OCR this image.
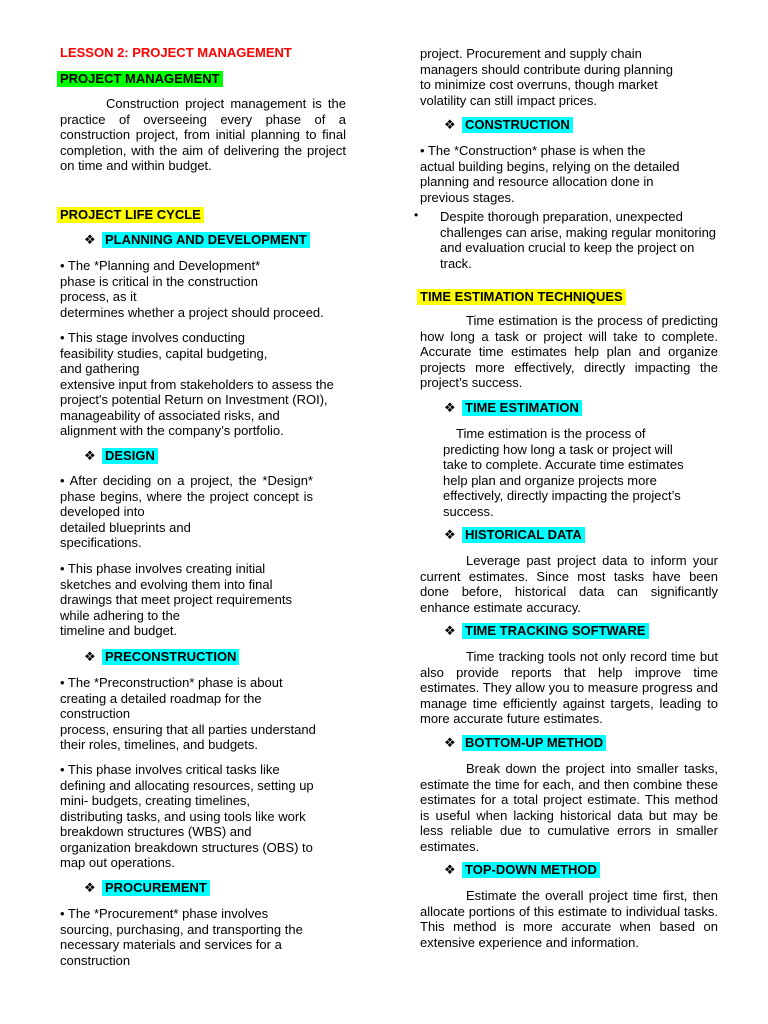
LESSON 2: PROJECT MANAGEMENT
PROJECT MANAGEMENT

Construction project management is the practice of overseeing every phase of a construction project, from initial planning to final completion, with the aim of delivering the project on time and within budget.

PROJECT LIFE CYCLE
❖ PLANNING AND DEVELOPMENT
• The *Planning and Development*
phase is critical in the construction
process, as it
determines whether a project should proceed.
• This stage involves conducting
feasibility studies, capital budgeting,
and gathering
extensive input from stakeholders to assess the
project's potential Return on Investment (ROI),
manageability of associated risks, and
alignment with the company’s portfolio.
❖ DESIGN
• After deciding on a project, the *Design* phase begins, where the project concept is developed into
detailed blueprints and
specifications.
• This phase involves creating initial
sketches and evolving them into final
drawings that meet project requirements
while adhering to the
timeline and budget.
❖ PRECONSTRUCTION
• The *Preconstruction* phase is about
creating a detailed roadmap for the
construction
process, ensuring that all parties understand
their roles, timelines, and budgets.
• This phase involves critical tasks like
defining and allocating resources, setting up
mini- budgets, creating timelines,
distributing tasks, and using tools like work
breakdown structures (WBS) and
organization breakdown structures (OBS) to
map out operations.
❖ PROCUREMENT
• The *Procurement* phase involves
sourcing, purchasing, and transporting the
necessary materials and services for a
construction
project. Procurement and supply chain
managers should contribute during planning
to minimize cost overruns, though market
volatility can still impact prices.
❖ CONSTRUCTION
• The *Construction* phase is when the
actual building begins, relying on the detailed
planning and resource allocation done in
previous stages.
• Despite thorough preparation, unexpected challenges can arise, making regular monitoring and evaluation crucial to keep the project on track.

TIME ESTIMATION TECHNIQUES

Time estimation is the process of predicting how long a task or project will take to complete. Accurate time estimates help plan and organize projects more effectively, directly impacting the project’s success.

❖ TIME ESTIMATION
Time estimation is the process of
predicting how long a task or project will
take to complete. Accurate time estimates
help plan and organize projects more
effectively, directly impacting the project’s
success.
❖ HISTORICAL DATA

Leverage past project data to inform your current estimates. Since most tasks have been done before, historical data can significantly enhance estimate accuracy.

❖ TIME TRACKING SOFTWARE

Time tracking tools not only record time but also provide reports that help improve time estimates. They allow you to measure progress and manage time efficiently against targets, leading to more accurate future estimates.

❖ BOTTOM-UP METHOD

Break down the project into smaller tasks, estimate the time for each, and then combine these estimates for a total project estimate. This method is useful when lacking historical data but may be less reliable due to cumulative errors in smaller estimates.

❖ TOP-DOWN METHOD

Estimate the overall project time first, then allocate portions of this estimate to individual tasks. This method is more accurate when based on extensive experience and information.
